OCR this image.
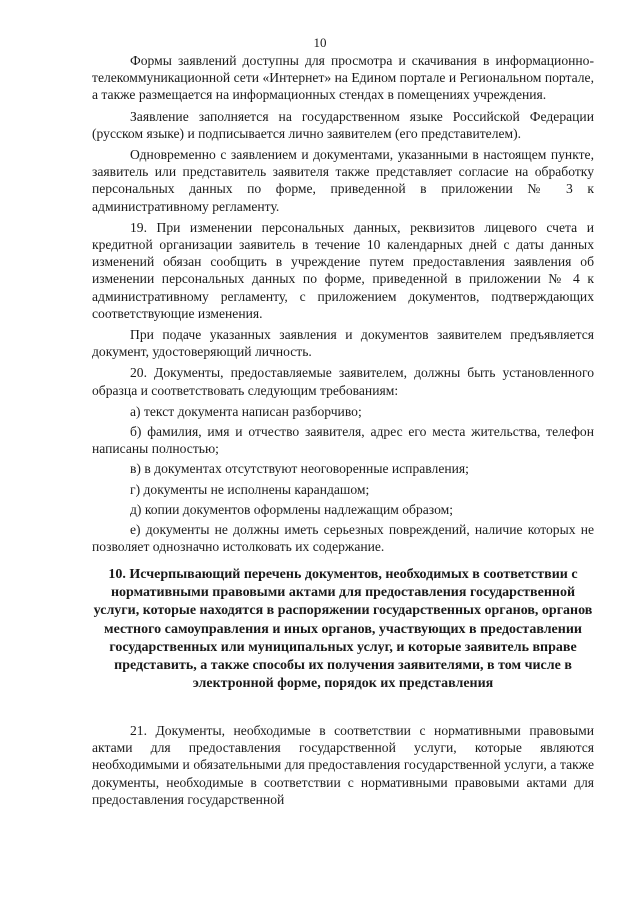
10

Формы заявлений доступны для просмотра и скачивания в информационно-телекоммуникационной сети «Интернет» на Едином портале и Региональном портале, а также размещается на информационных стендах в помещениях учреждения.

Заявление заполняется на государственном языке Российской Федерации (русском языке) и подписывается лично заявителем (его представителем).

Одновременно с заявлением и документами, указанными в настоящем пункте, заявитель или представитель заявителя также представляет согласие на обработку персональных данных по форме, приведенной в приложении № 3 к административному регламенту.

19. При изменении персональных данных, реквизитов лицевого счета и кредитной организации заявитель в течение 10 календарных дней с даты данных изменений обязан сообщить в учреждение путем предоставления заявления об изменении персональных данных по форме, приведенной в приложении № 4 к административному регламенту, с приложением документов, подтверждающих соответствующие изменения.

При подаче указанных заявления и документов заявителем предъявляется документ, удостоверяющий личность.

20. Документы, предоставляемые заявителем, должны быть установленного образца и соответствовать следующим требованиям:

а) текст документа написан разборчиво;

б) фамилия, имя и отчество заявителя, адрес его места жительства, телефон написаны полностью;

в) в документах отсутствуют неоговоренные исправления;

г) документы не исполнены карандашом;

д) копии документов оформлены надлежащим образом;

е) документы не должны иметь серьезных повреждений, наличие которых не позволяет однозначно истолковать их содержание.

10. Исчерпывающий перечень документов, необходимых в соответствии с нормативными правовыми актами для предоставления государственной услуги, которые находятся в распоряжении государственных органов, органов местного самоуправления и иных органов, участвующих в предоставлении государственных или муниципальных услуг, и которые заявитель вправе представить, а также способы их получения заявителями, в том числе в электронной форме, порядок их представления

21. Документы, необходимые в соответствии с нормативными правовыми актами для предоставления государственной услуги, которые являются необходимыми и обязательными для предоставления государственной услуги, а также документы, необходимые в соответствии с нормативными правовыми актами для предоставления государственной
